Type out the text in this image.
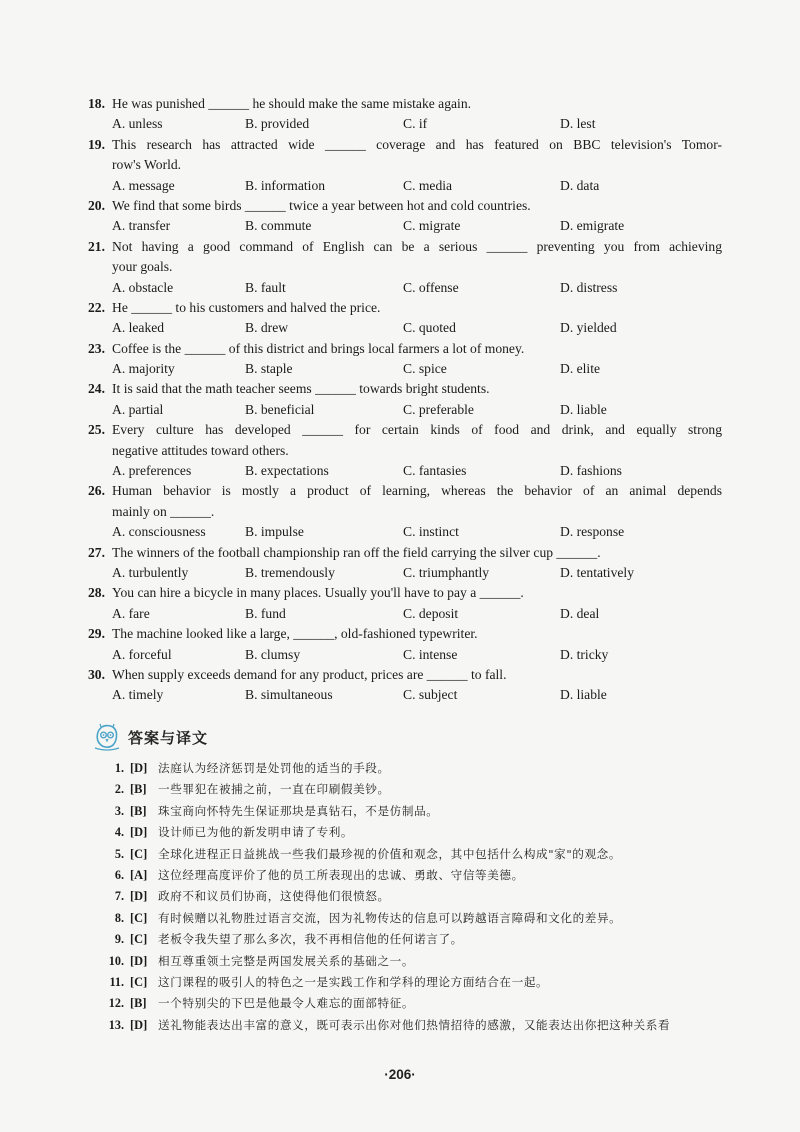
18. He was punished ______ he should make the same mistake again.
A. unless	B. provided	C. if	D. lest
19. This research has attracted wide ______ coverage and has featured on BBC television's Tomor-
row's World.
A. message	B. information	C. media	D. data
20. We find that some birds ______ twice a year between hot and cold countries.
A. transfer	B. commute	C. migrate	D. emigrate
21. Not having a good command of English can be a serious ______ preventing you from achieving
your goals.
A. obstacle	B. fault	C. offense	D. distress
22. He ______ to his customers and halved the price.
A. leaked	B. drew	C. quoted	D. yielded
23. Coffee is the ______ of this district and brings local farmers a lot of money.
A. majority	B. staple	C. spice	D. elite
24. It is said that the math teacher seems ______ towards bright students.
A. partial	B. beneficial	C. preferable	D. liable
25. Every culture has developed ______ for certain kinds of food and drink, and equally strong
negative attitudes toward others.
A. preferences	B. expectations	C. fantasies	D. fashions
26. Human behavior is mostly a product of learning, whereas the behavior of an animal depends
mainly on ______.
A. consciousness	B. impulse	C. instinct	D. response
27. The winners of the football championship ran off the field carrying the silver cup ______.
A. turbulently	B. tremendously	C. triumphantly	D. tentatively
28. You can hire a bicycle in many places. Usually you'll have to pay a ______.
A. fare	B. fund	C. deposit	D. deal
29. The machine looked like a large, ______, old-fashioned typewriter.
A. forceful	B. clumsy	C. intense	D. tricky
30. When supply exceeds demand for any product, prices are ______ to fall.
A. timely	B. simultaneous	C. subject	D. liable
答案与译文
1. [D] 法庭认为经济惩罚是处罚他的适当的手段。
2. [B] 一些罪犯在被捕之前，一直在印刷假美钞。
3. [B] 珠宝商向怀特先生保证那块是真钻石，不是仿制品。
4. [D] 设计师已为他的新发明申请了专利。
5. [C] 全球化进程正日益挑战一些我们最珍视的价值和观念，其中包括什么构成"家"的观念。
6. [A] 这位经理高度评价了他的员工所表现出的忠诚、勇敢、守信等美德。
7. [D] 政府不和议员们协商，这使得他们很愤怒。
8. [C] 有时候赠以礼物胜过语言交流，因为礼物传达的信息可以跨越语言障碍和文化的差异。
9. [C] 老板令我失望了那么多次，我不再相信他的任何诺言了。
10. [D] 相互尊重领土完整是两国发展关系的基础之一。
11. [C] 这门课程的吸引人的特色之一是实践工作和学科的理论方面结合在一起。
12. [B] 一个特别尖的下巴是他最令人难忘的面部特征。
13. [D] 送礼物能表达出丰富的意义，既可表示出你对他们热情招待的感激，又能表达出你把这种关系看
·206·
